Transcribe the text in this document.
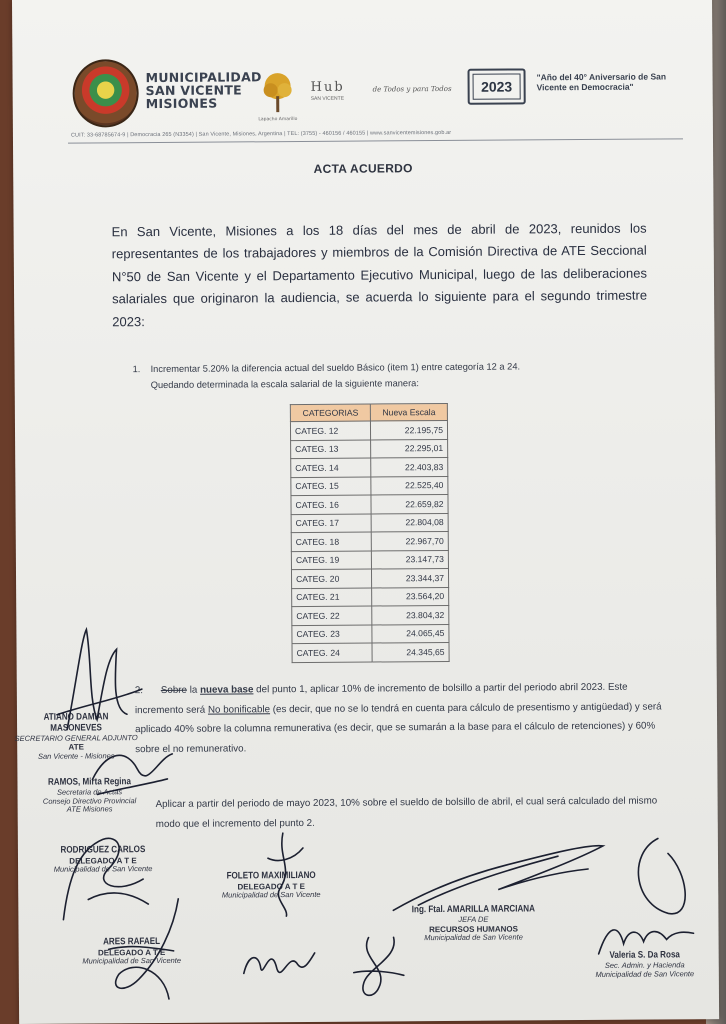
MUNICIPALIDAD
SAN VICENTE
MISIONES
Lapacho Amarillo
Hub
SAN VICENTE
de Todos y para Todos 2023
"Año del 40° Aniversario de San Vicente en Democracia"
CUIT: 33-68785674-9 | Democracia 265 (N3354) | San Vicente, Misiones, Argentina | TEL: (3755) - 460156 / 460155 | www.sanvicentemisiones.gob.ar
ACTA ACUERDO
En San Vicente, Misiones a los 18 días del mes de abril de 2023, reunidos los representantes de los trabajadores y miembros de la Comisión Directiva de ATE Seccional N°50 de San Vicente y el Departamento Ejecutivo Municipal, luego de las deliberaciones salariales que originaron la audiencia, se acuerda lo siguiente para el segundo trimestre 2023:
1. Incrementar 5.20% la diferencia actual del sueldo Básico (item 1) entre categoría 12 a 24.
Quedando determinada la escala salarial de la siguiente manera:
CATEGORIAS	Nueva Escala
CATEG. 12	22.195,75
CATEG. 13	22.295,01
CATEG. 14	22.403,83
CATEG. 15	22.525,40
CATEG. 16	22.659,82
CATEG. 17	22.804,08
CATEG. 18	22.967,70
CATEG. 19	23.147,73
CATEG. 20	23.344,37
CATEG. 21	23.564,20
CATEG. 22	23.804,32
CATEG. 23	24.065,45
CATEG. 24	24.345,65
2. Sobre la nueva base del punto 1, aplicar 10% de incremento de bolsillo a partir del periodo abril 2023. Este incremento será No bonificable (es decir, que no se lo tendrá en cuenta para cálculo de presentismo y antigüedad) y será aplicado 40% sobre la columna remunerativa (es decir, que se sumarán a la base para el cálculo de retenciones) y 60% sobre el no remunerativo.
Aplicar a partir del periodo de mayo 2023, 10% sobre el sueldo de bolsillo de abril, el cual será calculado del mismo modo que el incremento del punto 2.
ATIANO DAMIAN MASONEVES
SECRETARIO GENERAL ADJUNTO
ATE
San Vicente - Misiones
RAMOS, Mirta Regina
Secretaria de Actas
Consejo Directivo Provincial
ATE Misiones
RODRIGUEZ CARLOS
DELEGADO A T E
Municipalidad de San Vicente
FOLETO MAXIMILIANO
DELEGADO A T E
Municipalidad de San Vicente
Ing. Ftal. AMARILLA MARCIANA
JEFA DE
RECURSOS HUMANOS
Municipalidad de San Vicente
ARES RAFAEL
DELEGADO A T E
Municipalidad de San Vicente	Valeria S. Da Rosa
Sec. Admin. y Hacienda
Municipalidad de San Vicente
